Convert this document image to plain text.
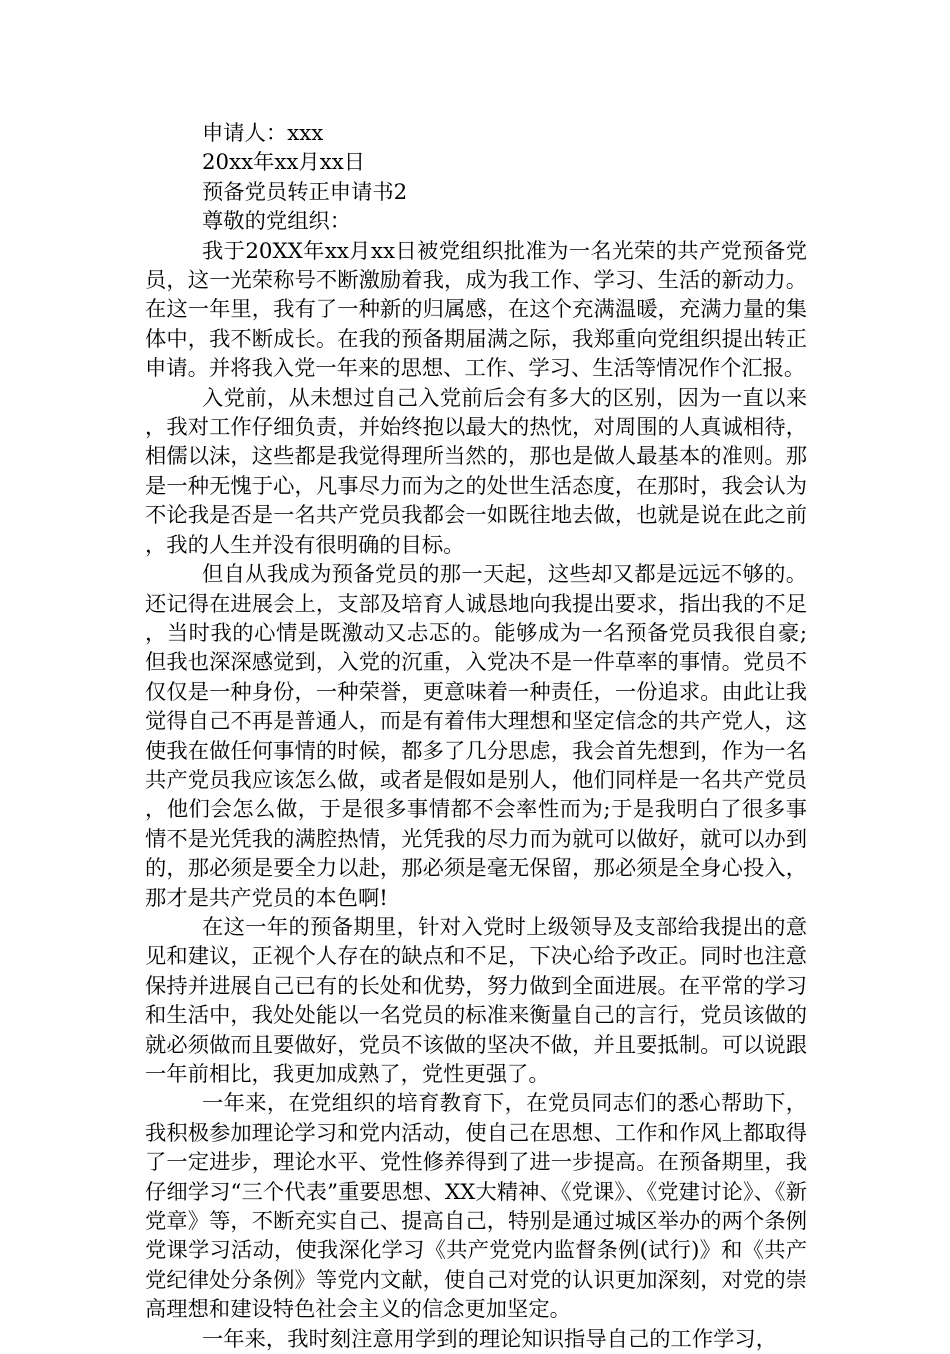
申请人：xxx

20xx年xx月xx日

预备党员转正申请书2

尊敬的党组织：

我于20XX年xx月xx日被党组织批准为一名光荣的共产党预备党员，这一光荣称号不断激励着我，成为我工作、学习、生活的新动力。在这一年里，我有了一种新的归属感，在这个充满温暖，充满力量的集体中，我不断成长。在我的预备期届满之际，我郑重向党组织提出转正申请。并将我入党一年来的思想、工作、学习、生活等情况作个汇报。

入党前，从未想过自己入党前后会有多大的区别，因为一直以来，我对工作仔细负责，并始终抱以最大的热忱，对周围的人真诚相待，相儒以沫，这些都是我觉得理所当然的，那也是做人最基本的准则。那是一种无愧于心，凡事尽力而为之的处世生活态度，在那时，我会认为不论我是否是一名共产党员我都会一如既往地去做，也就是说在此之前，我的人生并没有很明确的目标。

但自从我成为预备党员的那一天起，这些却又都是远远不够的。还记得在进展会上，支部及培育人诚恳地向我提出要求，指出我的不足，当时我的心情是既激动又忐忑的。能够成为一名预备党员我很自豪;但我也深深感觉到，入党的沉重，入党决不是一件草率的事情。党员不仅仅是一种身份，一种荣誉，更意味着一种责任，一份追求。由此让我觉得自己不再是普通人，而是有着伟大理想和坚定信念的共产党人，这使我在做任何事情的时候，都多了几分思虑，我会首先想到，作为一名共产党员我应该怎么做，或者是假如是别人，他们同样是一名共产党员，他们会怎么做，于是很多事情都不会率性而为;于是我明白了很多事情不是光凭我的满腔热情，光凭我的尽力而为就可以做好，就可以办到的，那必须是要全力以赴，那必须是毫无保留，那必须是全身心投入，那才是共产党员的本色啊!

在这一年的预备期里，针对入党时上级领导及支部给我提出的意见和建议，正视个人存在的缺点和不足，下决心给予改正。同时也注意保持并进展自己已有的长处和优势，努力做到全面进展。在平常的学习和生活中，我处处能以一名党员的标准来衡量自己的言行，党员该做的就必须做而且要做好，党员不该做的坚决不做，并且要抵制。可以说跟一年前相比，我更加成熟了，党性更强了。

一年来，在党组织的培育教育下，在党员同志们的悉心帮助下，我积极参加理论学习和党内活动，使自己在思想、工作和作风上都取得了一定进步，理论水平、党性修养得到了进一步提高。在预备期里，我仔细学习“三个代表”重要思想、XX大精神、《党课》、《党建讨论》、《新党章》等，不断充实自己、提高自己，特别是通过城区举办的两个条例党课学习活动，使我深化学习《共产党党内监督条例(试行)》和《共产党纪律处分条例》等党内文献，使自己对党的认识更加深刻，对党的崇高理想和建设特色社会主义的信念更加坚定。

一年来，我时刻注意用学到的理论知识指导自己的工作学习，
